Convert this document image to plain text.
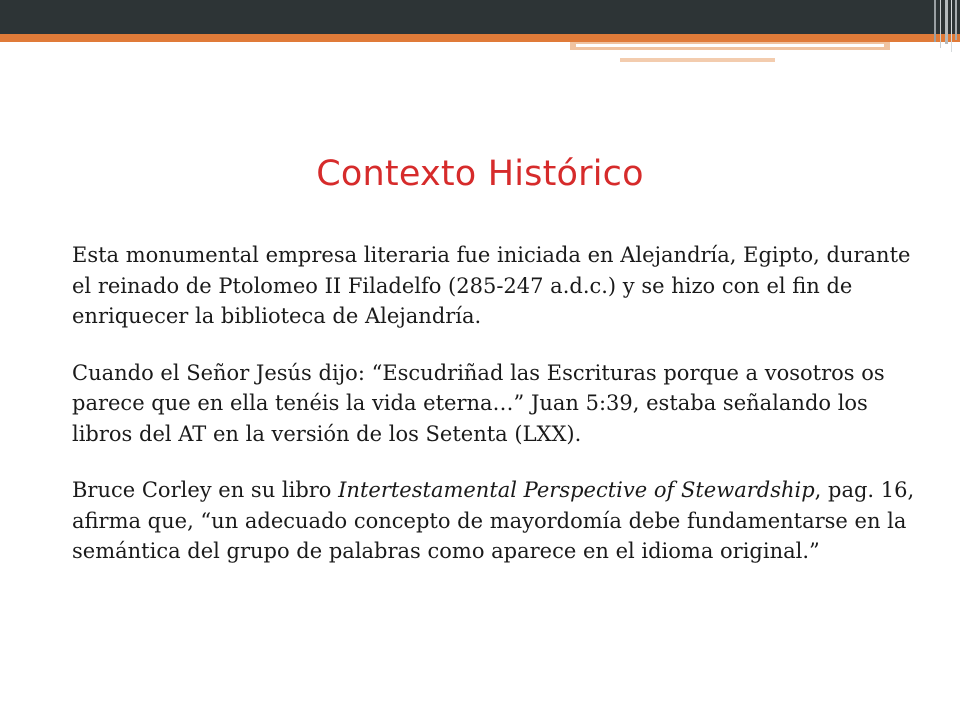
Contexto Histórico

Esta monumental empresa literaria fue iniciada en Alejandría, Egipto, durante el reinado de Ptolomeo II Filadelfo (285-247 a.d.c.) y se hizo con el fin de enriquecer la biblioteca de Alejandría.

Cuando el Señor Jesús dijo: “Escudriñad las Escrituras porque a vosotros os parece que en ella tenéis la vida eterna…” Juan 5:39, estaba señalando los libros del AT en la versión de los Setenta (LXX).

Bruce Corley en su libro Intertestamental Perspective of Stewardship, pag. 16, afirma que, “un adecuado concepto de mayordomía debe fundamentarse en la semántica del grupo de palabras como aparece en el idioma original.”
